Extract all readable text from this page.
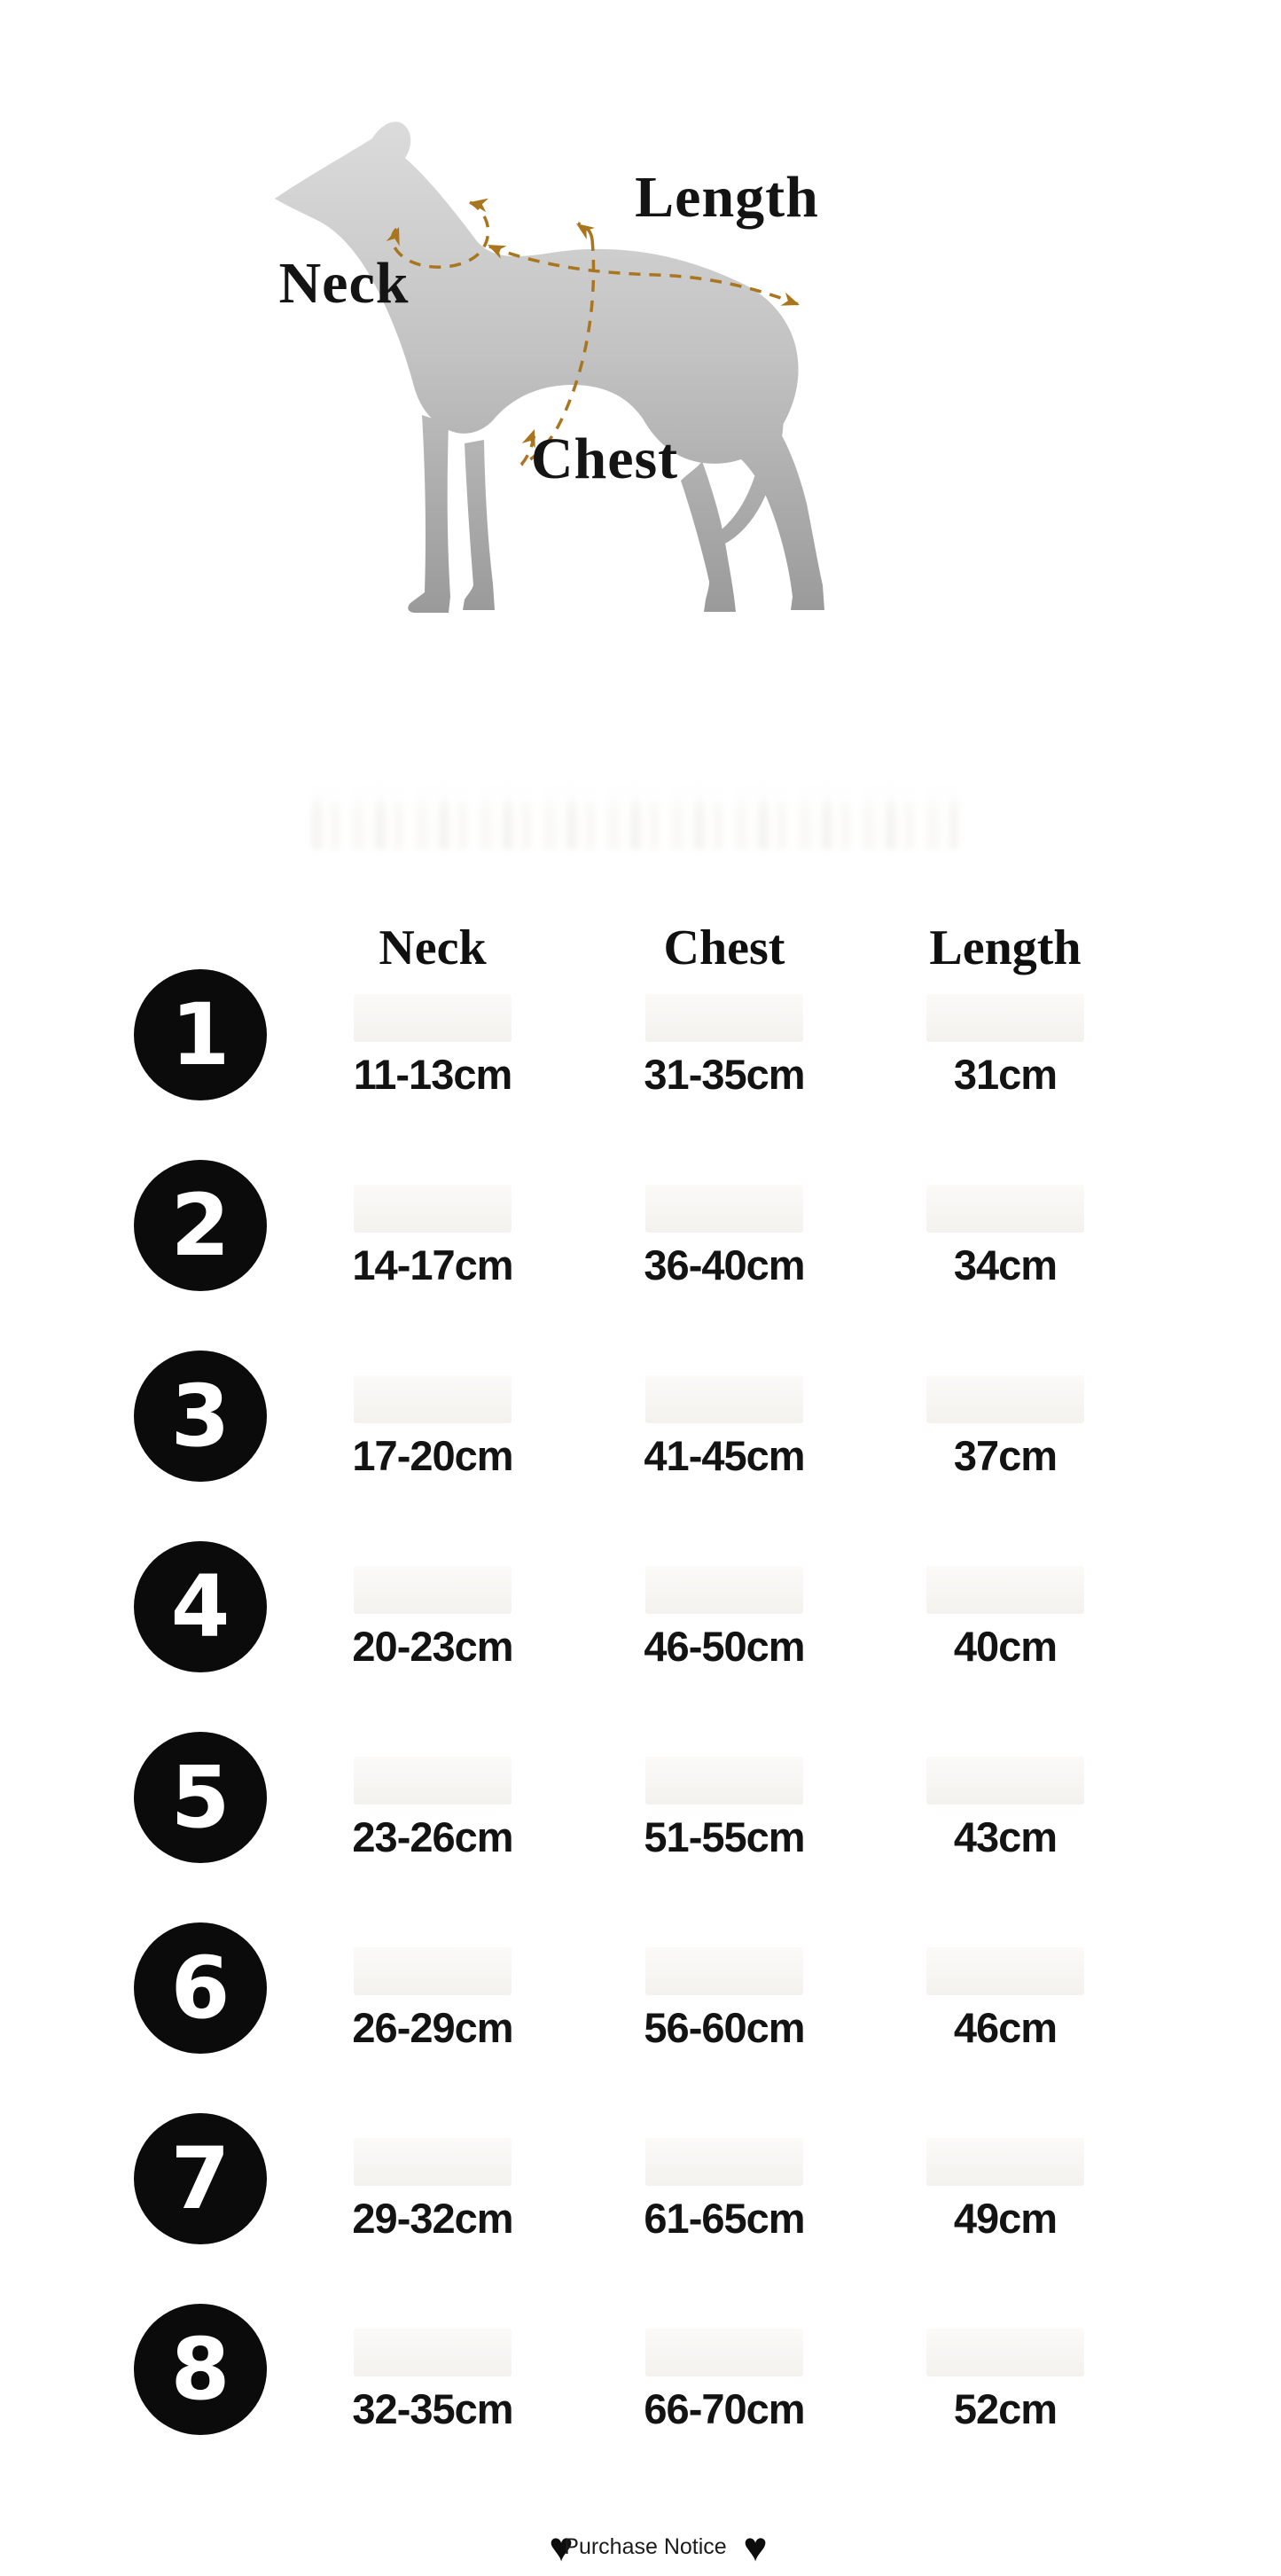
Length
Neck
Chest
Neck	Chest	Length
1	11-13cm	31-35cm	31cm
2	14-17cm	36-40cm	34cm
3	17-20cm	41-45cm	37cm
4	20-23cm	46-50cm	40cm
5	23-26cm	51-55cm	43cm
6	26-29cm	56-60cm	46cm
7	29-32cm	61-65cm	49cm
8	32-35cm	66-70cm	52cm
♥
Purchase Notice ♥
